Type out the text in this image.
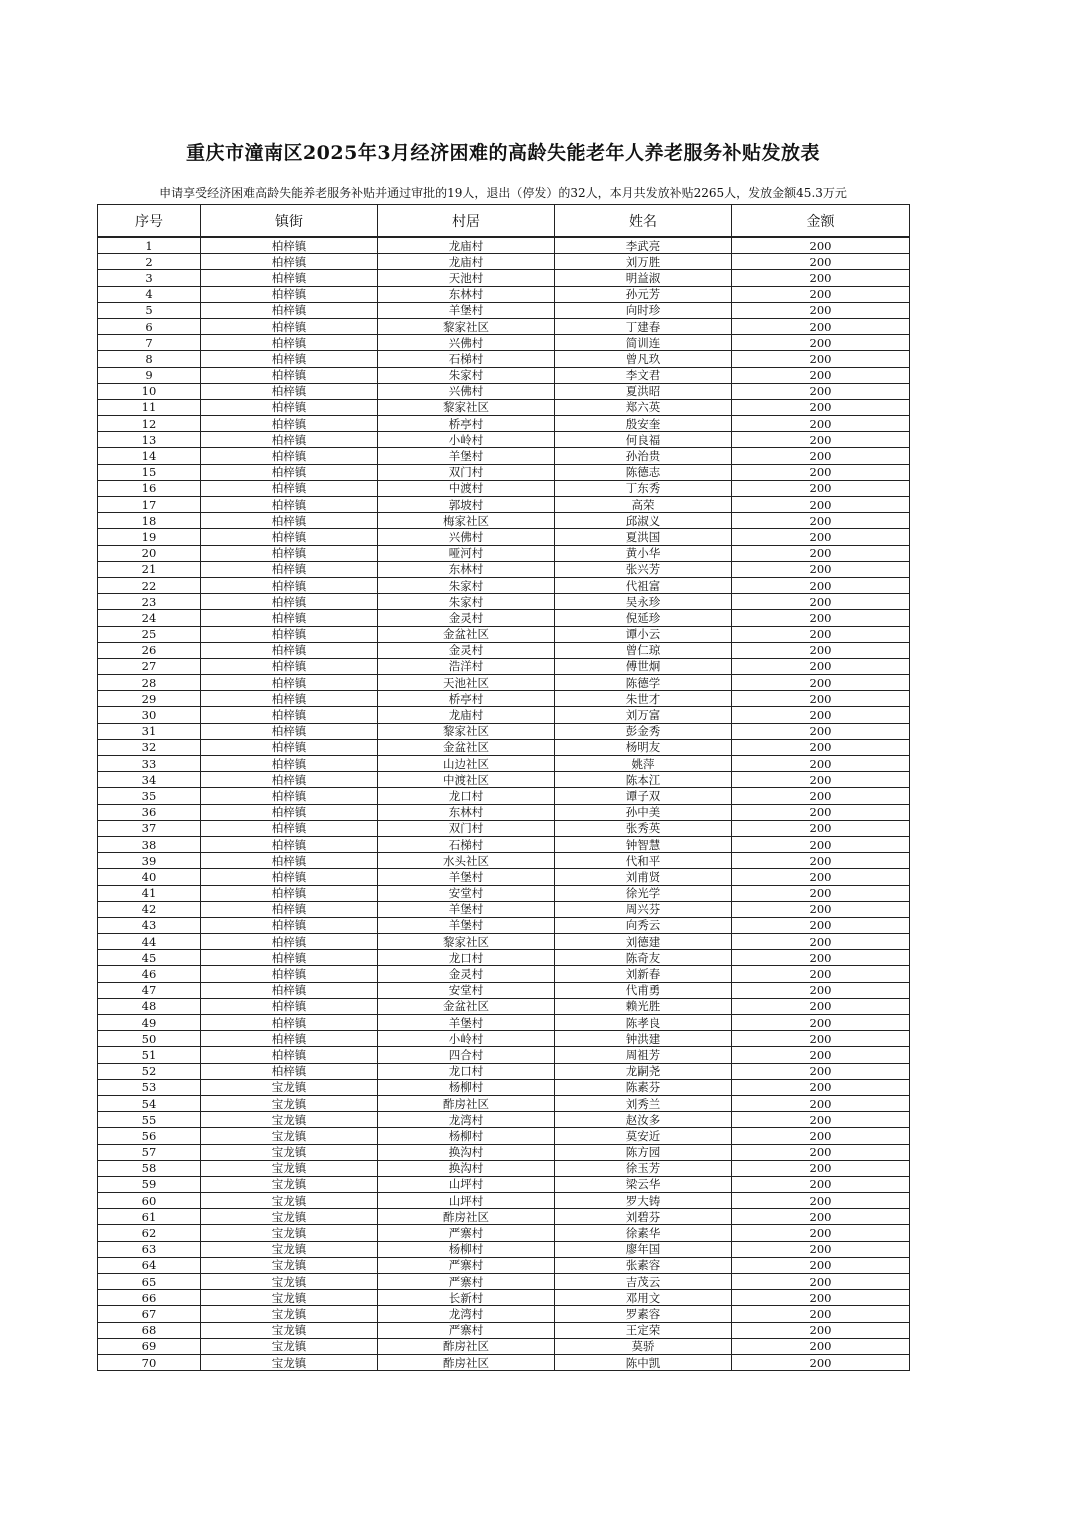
重庆市潼南区2025年3月经济困难的高龄失能老年人养老服务补贴发放表
申请享受经济困难高龄失能养老服务补贴并通过审批的19人，退出（停发）的32人，本月共发放补贴2265人，发放金额45.3万元
序号	镇街	村居	姓名	金额
1	柏梓镇	龙庙村	李武亮	200
2	柏梓镇	龙庙村	刘万胜	200
3	柏梓镇	天池村	明益淑	200
4	柏梓镇	东林村	孙元芳	200
5	柏梓镇	羊堡村	向时珍	200
6	柏梓镇	黎家社区	丁建春	200
7	柏梓镇	兴佛村	简训连	200
8	柏梓镇	石梯村	曾凡玖	200
9	柏梓镇	朱家村	李文君	200
10	柏梓镇	兴佛村	夏洪昭	200
11	柏梓镇	黎家社区	郑六英	200
12	柏梓镇	桥亭村	殷安奎	200
13	柏梓镇	小岭村	何良福	200
14	柏梓镇	羊堡村	孙治贵	200
15	柏梓镇	双门村	陈德志	200
16	柏梓镇	中渡村	丁东秀	200
17	柏梓镇	郭坡村	高荣	200
18	柏梓镇	梅家社区	邱淑义	200
19	柏梓镇	兴佛村	夏洪国	200
20	柏梓镇	哑河村	黄小华	200
21	柏梓镇	东林村	张兴芳	200
22	柏梓镇	朱家村	代祖富	200
23	柏梓镇	朱家村	吴永珍	200
24	柏梓镇	金灵村	倪延珍	200
25	柏梓镇	金盆社区	谭小云	200
26	柏梓镇	金灵村	曾仁琼	200
27	柏梓镇	浩洋村	傅世炯	200
28	柏梓镇	天池社区	陈德学	200
29	柏梓镇	桥亭村	朱世才	200
30	柏梓镇	龙庙村	刘万富	200
31	柏梓镇	黎家社区	彭金秀	200
32	柏梓镇	金盆社区	杨明友	200
33	柏梓镇	山边社区	姚萍	200
34	柏梓镇	中渡社区	陈本江	200
35	柏梓镇	龙口村	谭子双	200
36	柏梓镇	东林村	孙中美	200
37	柏梓镇	双门村	张秀英	200
38	柏梓镇	石梯村	钟智慧	200
39	柏梓镇	水头社区	代和平	200
40	柏梓镇	羊堡村	刘甫贤	200
41	柏梓镇	安堂村	徐光学	200
42	柏梓镇	羊堡村	周兴芬	200
43	柏梓镇	羊堡村	向秀云	200
44	柏梓镇	黎家社区	刘德建	200
45	柏梓镇	龙口村	陈奇友	200
46	柏梓镇	金灵村	刘新春	200
47	柏梓镇	安堂村	代甫勇	200
48	柏梓镇	金盆社区	赖光胜	200
49	柏梓镇	羊堡村	陈孝良	200
50	柏梓镇	小岭村	钟洪建	200
51	柏梓镇	四合村	周祖芳	200
52	柏梓镇	龙口村	龙嗣尧	200
53	宝龙镇	杨柳村	陈素芬	200
54	宝龙镇	酢房社区	刘秀兰	200
55	宝龙镇	龙湾村	赵汝多	200
56	宝龙镇	杨柳村	莫安近	200
57	宝龙镇	换沟村	陈方园	200
58	宝龙镇	换沟村	徐玉芳	200
59	宝龙镇	山坪村	梁云华	200
60	宝龙镇	山坪村	罗大铸	200
61	宝龙镇	酢房社区	刘碧芬	200
62	宝龙镇	严寨村	徐素华	200
63	宝龙镇	杨柳村	廖年国	200
64	宝龙镇	严寨村	张素容	200
65	宝龙镇	严寨村	吉茂云	200
66	宝龙镇	长新村	邓用文	200
67	宝龙镇	龙湾村	罗素容	200
68	宝龙镇	严寨村	王定荣	200
69	宝龙镇	酢房社区	莫骄	200
70	宝龙镇	酢房社区	陈中凯	200
